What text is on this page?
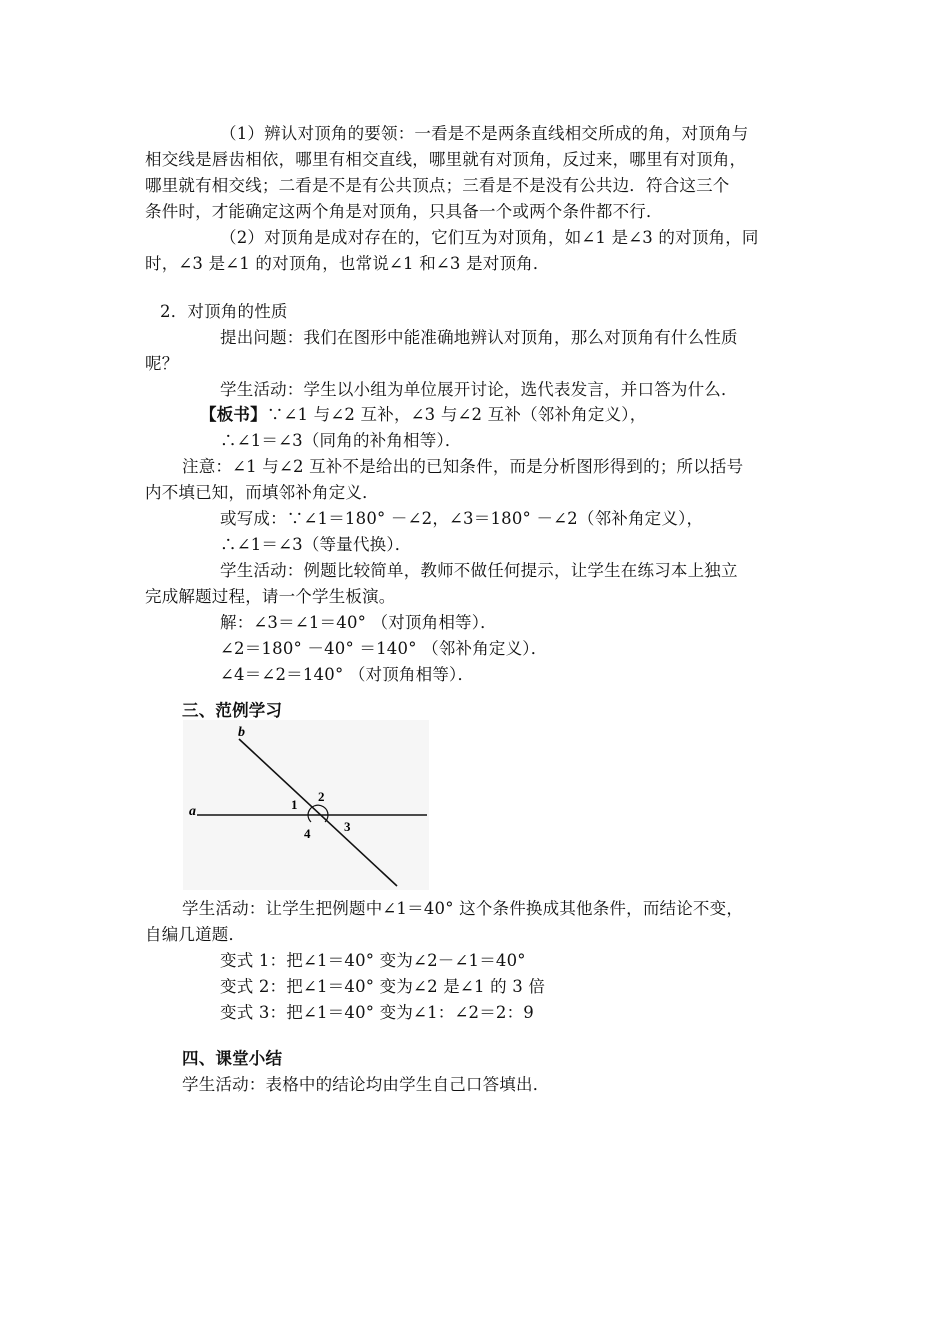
（1）辨认对顶角的要领：一看是不是两条直线相交所成的角，对顶角与
相交线是唇齿相依，哪里有相交直线，哪里就有对顶角，反过来，哪里有对顶角，
哪里就有相交线；二看是不是有公共顶点；三看是不是没有公共边．符合这三个
条件时，才能确定这两个角是对顶角，只具备一个或两个条件都不行．
（2）对顶角是成对存在的，它们互为对顶角，如∠1 是∠3 的对顶角，同
时，∠3 是∠1 的对顶角，也常说∠1 和∠3 是对顶角．
2．对顶角的性质
提出问题：我们在图形中能准确地辨认对顶角，那么对顶角有什么性质
呢？
学生活动：学生以小组为单位展开讨论，选代表发言，并口答为什么．
【板书】∵∠1 与∠2 互补，∠3 与∠2 互补（邻补角定义），
∴∠1＝∠3（同角的补角相等）．
注意：∠1 与∠2 互补不是给出的已知条件，而是分析图形得到的；所以括号
内不填已知，而填邻补角定义．
或写成：∵∠1＝180° －∠2，∠3＝180° －∠2（邻补角定义），
∴∠1＝∠3（等量代换）．
学生活动：例题比较简单，教师不做任何提示，让学生在练习本上独立
完成解题过程，请一个学生板演。
解：∠3＝∠1＝40° （对顶角相等）．
∠2＝180° －40° ＝140° （邻补角定义）．
∠4＝∠2＝140° （对顶角相等）．
三、范例学习
a
b
1
2
3
4
学生活动：让学生把例题中∠1＝40° 这个条件换成其他条件，而结论不变，
自编几道题．
变式 1：把∠1＝40° 变为∠2－∠1＝40°
变式 2：把∠1＝40° 变为∠2 是∠1 的 3 倍
变式 3：把∠1＝40° 变为∠1：∠2＝2：9
四、课堂小结
学生活动：表格中的结论均由学生自己口答填出．
